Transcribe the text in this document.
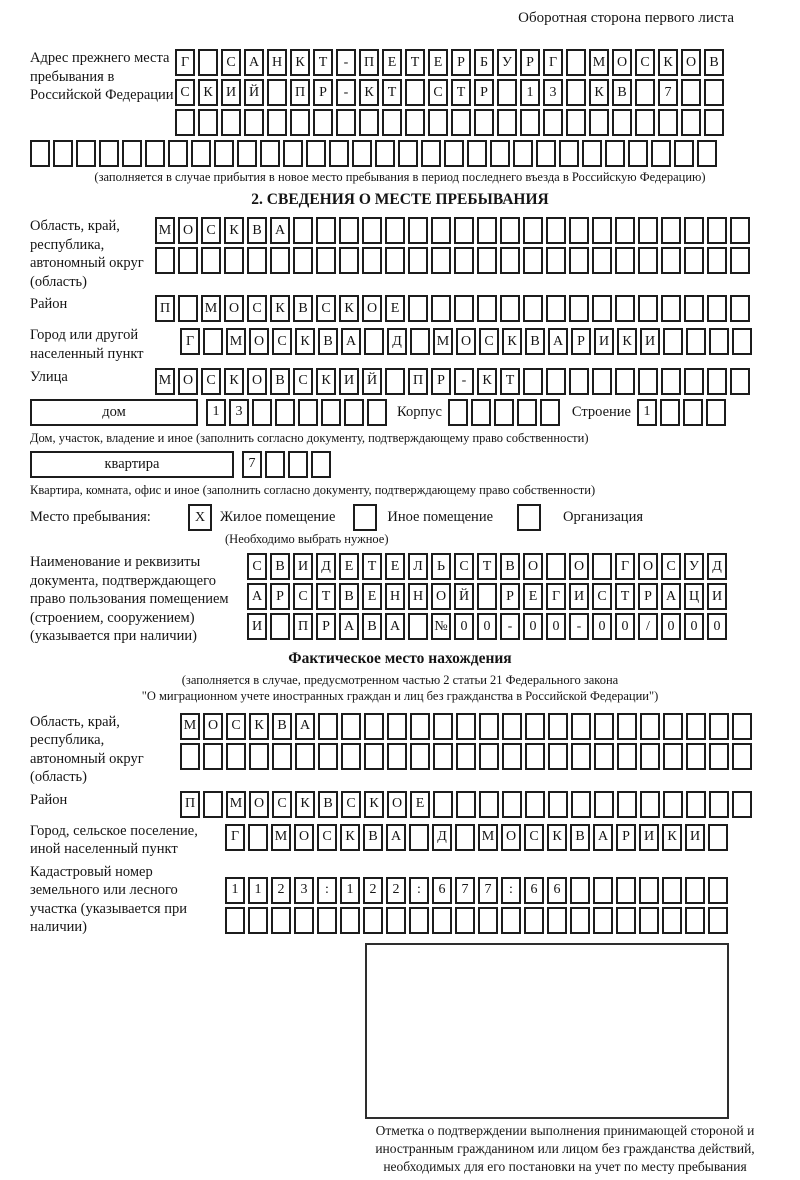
Оборотная сторона первого листа
Адрес прежнего места пребывания в Российской Федерации
Г	С А Н К	Т	-	П Е	Т	Е	Р	Б	У	Р	Г	М О С К О В
С К И Й	П	Р	-	К	Т	С	Т	Р	1	3	К В	7
(заполняется в случае прибытия в новое место пребывания в период последнего въезда в Российскую Федерацию)
2. СВЕДЕНИЯ О МЕСТЕ ПРЕБЫВАНИЯ
Область, край, республика, автономный округ (область)
М О С К В А
Район	П	М О С К В С К О Е
Город или другой населенный пункт
Г	М О С К В А	Д	М О С К В А	Р	И К И
Улица	М О С К О В С К И Й	П	Р	-	К	Т
дом	1	3	Корпус	Строение 1
Дом, участок, владение и иное (заполнить согласно документу, подтверждающему право собственности)
квартира	7
Квартира, комната, офис и иное (заполнить согласно документу, подтверждающему право собственности)
Место пребывания:	X	Жилое помещение	Иное помещение	Организация
(Необходимо выбрать нужное)
Наименование и реквизиты документа, подтверждающего право пользования помещением (строением, сооружением) (указывается при наличии)
С В И Д Е	Т	Е Л	Ь	С	Т	В О	О	Г О С У Д
А	Р	С	Т	В	Е Н Н О Й	Р	Е	Г И С	Т	Р	А Ц И
И	П	Р	А В А	№ 0	0	-	0	0	-	0	0	/	0	0	0
Фактическое место нахождения
(заполняется в случае, предусмотренном частью 2 статьи 21 Федерального закона
"О миграционном учете иностранных граждан и лиц без гражданства в Российской Федерации")
Область, край, республика, автономный округ (область)
М О С К В А
Район	П	М О С К В С К О Е
Город, сельское поселение, иной населенный пункт
Г	М О С К В А	Д	М О С К В А	Р	И К И
Кадастровый номер земельного или лесного участка (указывается при наличии)
1	1	2	3	:	1	2	2	:	6	7	7	:	6	6
Отметка о подтверждении выполнения принимающей стороной и иностранным гражданином или лицом без гражданства действий, необходимых для его постановки на учет по месту пребывания
